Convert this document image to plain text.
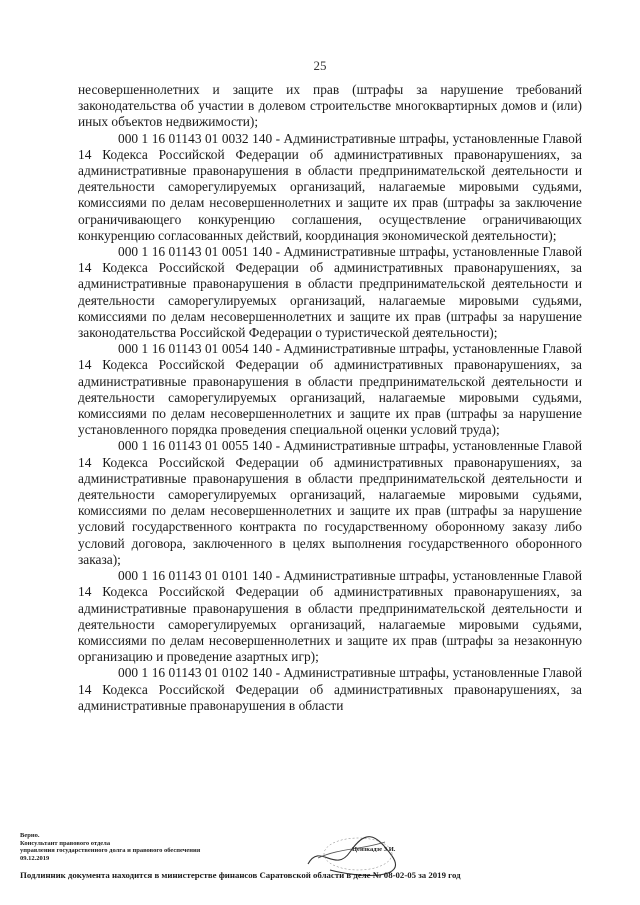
25

несовершеннолетних и защите их прав (штрафы за нарушение требований законодательства об участии в долевом строительстве многоквартирных домов и (или) иных объектов недвижимости);

000 1 16 01143 01 0032 140 - Административные штрафы, установленные Главой 14 Кодекса Российской Федерации об административных правонарушениях, за административные правонарушения в области предпринимательской деятельности и деятельности саморегулируемых организаций, налагаемые мировыми судьями, комиссиями по делам несовершеннолетних и защите их прав (штрафы за заключение ограничивающего конкуренцию соглашения, осуществление ограничивающих конкуренцию согласованных действий, координация экономической деятельности);

000 1 16 01143 01 0051 140 - Административные штрафы, установленные Главой 14 Кодекса Российской Федерации об административных правонарушениях, за административные правонарушения в области предпринимательской деятельности и деятельности саморегулируемых организаций, налагаемые мировыми судьями, комиссиями по делам несовершеннолетних и защите их прав (штрафы за нарушение законодательства Российской Федерации о туристической деятельности);

000 1 16 01143 01 0054 140 - Административные штрафы, установленные Главой 14 Кодекса Российской Федерации об административных правонарушениях, за административные правонарушения в области предпринимательской деятельности и деятельности саморегулируемых организаций, налагаемые мировыми судьями, комиссиями по делам несовершеннолетних и защите их прав (штрафы за нарушение установленного порядка проведения специальной оценки условий труда);

000 1 16 01143 01 0055 140 - Административные штрафы, установленные Главой 14 Кодекса Российской Федерации об административных правонарушениях, за административные правонарушения в области предпринимательской деятельности и деятельности саморегулируемых организаций, налагаемые мировыми судьями, комиссиями по делам несовершеннолетних и защите их прав (штрафы за нарушение условий государственного контракта по государственному оборонному заказу либо условий договора, заключенного в целях выполнения государственного оборонного заказа);

000 1 16 01143 01 0101 140 - Административные штрафы, установленные Главой 14 Кодекса Российской Федерации об административных правонарушениях, за административные правонарушения в области предпринимательской деятельности и деятельности саморегулируемых организаций, налагаемые мировыми судьями, комиссиями по делам несовершеннолетних и защите их прав (штрафы за незаконную организацию и проведение азартных игр);

000 1 16 01143 01 0102 140 - Административные штрафы, установленные Главой 14 Кодекса Российской Федерации об административных правонарушениях, за административные правонарушения в области

Верно.

Консультант правового отдела

управления государственного долга и правового обеспечения

09.12.2019

Цензкадзе З.И.
Подлинник документа находится в министерстве финансов Саратовской области в деле № 08-02-05 за 2019 год
